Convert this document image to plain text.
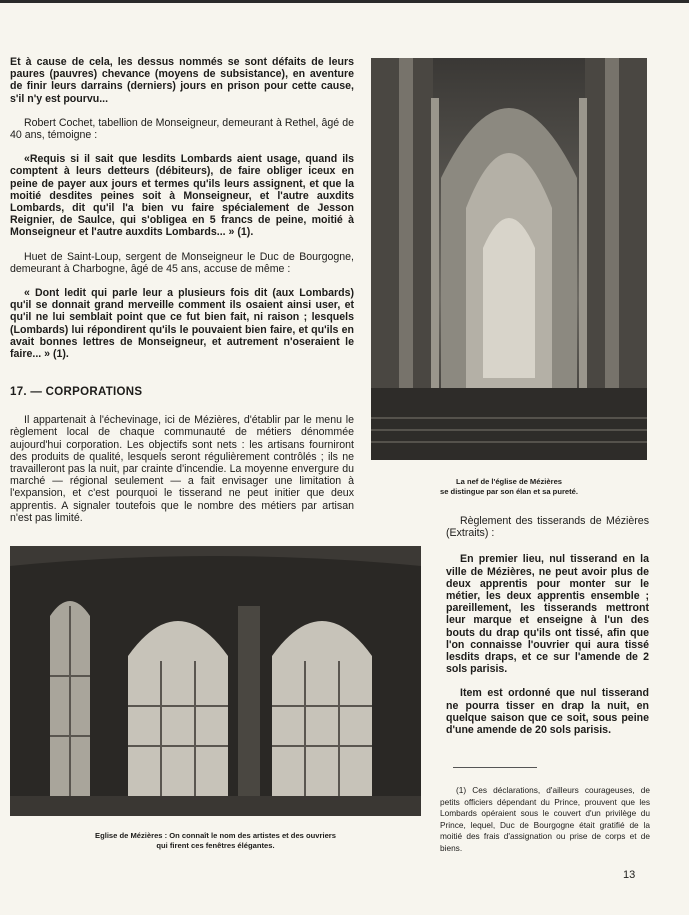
Et à cause de cela, les dessus nommés se sont défaits de leurs paures (pauvres) chevance (moyens de subsistance), en aventure de finir leurs darrains (derniers) jours en prison pour cette cause, s'il n'y est pourvu...

Robert Cochet, tabellion de Monseigneur, demeurant à Rethel, âgé de 40 ans, témoigne :

«Requis si il sait que lesdits Lombards aient usage, quand ils comptent à leurs detteurs (débiteurs), de faire obliger iceux en peine de payer aux jours et termes qu'ils leurs assignent, et que la moitié desdites peines soit à Monseigneur, et l'autre auxdits Lombards, dit qu'il l'a bien vu faire spécialement de Jesson Reignier, de Saulce, qui s'obligea en 5 francs de peine, moitié à Monseigneur et l'autre auxdits Lombards... » (1).

Huet de Saint-Loup, sergent de Monseigneur le Duc de Bourgogne, demeurant à Charbogne, âgé de 45 ans, accuse de même :

« Dont ledit qui parle leur a plusieurs fois dit (aux Lombards) qu'il se donnait grand merveille comment ils osaient ainsi user, et qu'il ne lui semblait point que ce fut bien fait, ni raison ; lesquels (Lombards) lui répondirent qu'ils le pouvaient bien faire, et qu'ils en avait bonnes lettres de Monseigneur, et autrement n'oseraient le faire... » (1).

17. — CORPORATIONS

Il appartenait à l'échevinage, ici de Mézières, d'établir par le menu le règlement local de chaque communauté de métiers dénommée aujourd'hui corporation. Les objectifs sont nets : les artisans fourniront des produits de qualité, lesquels seront régulièrement contrôlés ; ils ne travailleront pas la nuit, par crainte d'incendie. La moyenne envergure du marché — régional seulement — a fait envisager une limitation à l'expansion, et c'est pourquoi le tisserand ne peut initier que deux apprentis. A signaler toutefois que le nombre des métiers par artisan n'est pas limité.

La nef de l'église de Mézières
se distingue par son élan et sa pureté.

Règlement des tisserands de Mézières (Extraits) :

En premier lieu, nul tisserand en la ville de Mézières, ne peut avoir plus de deux apprentis pour monter sur le métier, les deux apprentis ensemble ; pareillement, les tisserands mettront leur marque et enseigne à l'un des bouts du drap qu'ils ont tissé, afin que l'on connaisse l'ouvrier qui aura tissé lesdits draps, et ce sur l'amende de 2 sols parisis.

Item est ordonné que nul tisserand ne pourra tisser en drap la nuit, en quelque saison que ce soit, sous peine d'une amende de 20 sols parisis.

Eglise de Mézières : On connaît le nom des artistes et des ouvriers
qui firent ces fenêtres élégantes.
(1) Ces déclarations, d'ailleurs courageuses, de petits officiers dépendant du Prince, prouvent que les Lombards opéraient sous le couvert d'un privilège du Prince, lequel, Duc de Bourgogne était gratifié de la moitié des frais d'assignation ou prise de corps et de biens.
13
